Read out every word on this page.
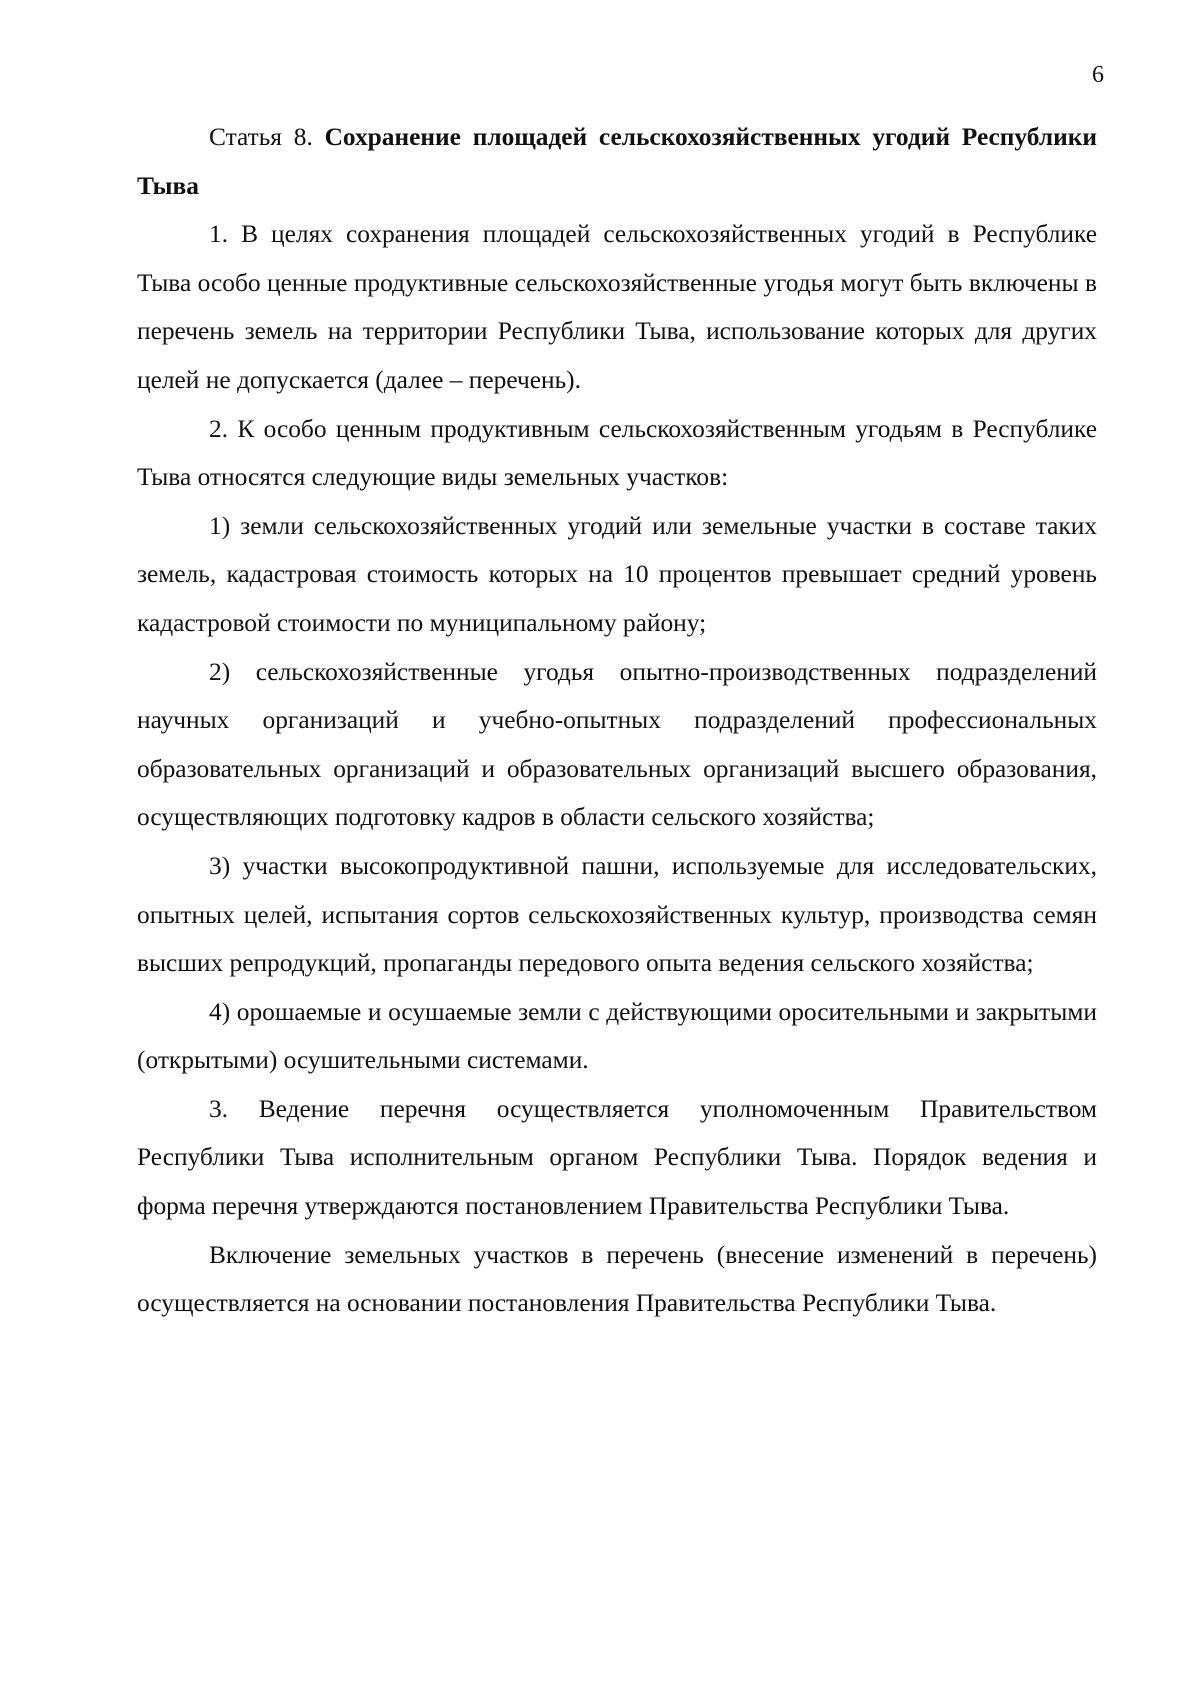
6

Статья 8. Сохранение площадей сельскохозяйственных угодий Республики Тыва

1. В целях сохранения площадей сельскохозяйственных угодий в Республике Тыва особо ценные продуктивные сельскохозяйственные угодья могут быть включены в перечень земель на территории Республики Тыва, использование которых для других целей не допускается (далее – перечень).

2. К особо ценным продуктивным сельскохозяйственным угодьям в Республике Тыва относятся следующие виды земельных участков:

1) земли сельскохозяйственных угодий или земельные участки в составе таких земель, кадастровая стоимость которых на 10 процентов превышает средний уровень кадастровой стоимости по муниципальному району;

2) сельскохозяйственные угодья опытно-производственных подразделений научных организаций и учебно-опытных подразделений профессиональных образовательных организаций и образовательных организаций высшего образования, осуществляющих подготовку кадров в области сельского хозяйства;

3) участки высокопродуктивной пашни, используемые для исследовательских, опытных целей, испытания сортов сельскохозяйственных культур, производства семян высших репродукций, пропаганды передового опыта ведения сельского хозяйства;

4) орошаемые и осушаемые земли с действующими оросительными и закрытыми (открытыми) осушительными системами.

3. Ведение перечня осуществляется уполномоченным Правительством Республики Тыва исполнительным органом Республики Тыва. Порядок ведения и форма перечня утверждаются постановлением Правительства Республики Тыва.

Включение земельных участков в перечень (внесение изменений в перечень) осуществляется на основании постановления Правительства Республики Тыва.
